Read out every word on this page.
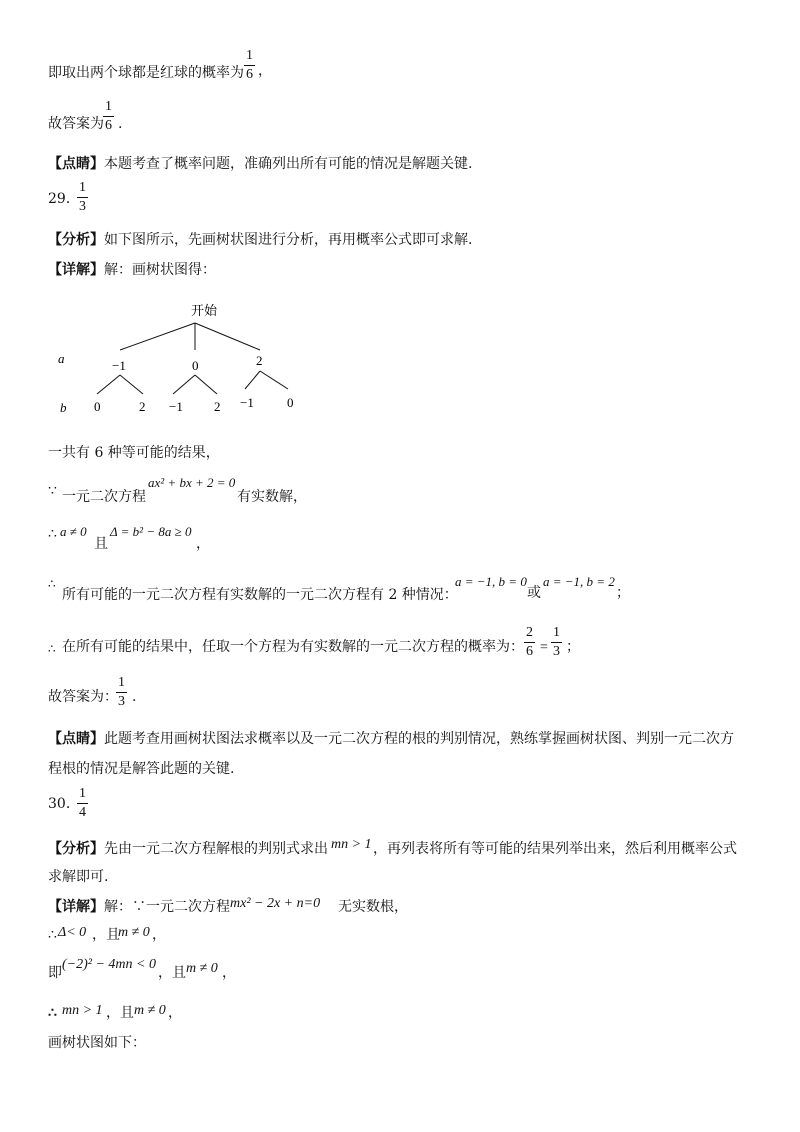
即取出两个球都是红球的概率为
1
6 ，
故答案为
1
6 .
【点睛】本题考查了概率问题，准确列出所有可能的情况是解题关键.
29．
1
3
【分析】如下图所示，先画树状图进行分析，再用概率公式即可求解.
【详解】解：画树状图得：
开始
a	−1	0	2
b 0	2 −1 2 −1	0
一共有 6 种等可能的结果，
∵ 一元二次方程
ax² + bx + 2 = 0
有实数解，
∴ a ≠ 0
且
Δ = b² − 8a ≥ 0
，
∴
所有可能的一元二次方程有实数解的一元二次方程有 2 种情况：
a = −1, b = 0
或
a = −1, b = 2
；
∴ 在所有可能的结果中，任取一个方程为有实数解的一元二次方程的概率为：
2
6 =
1
3 ；
故答案为：
1
3 .
【点睛】此题考查用画树状图法求概率以及一元二次方程的根的判别情况，熟练掌握画树状图、判别一元二次方
程根的情况是解答此题的关键.
30．
1
4
【分析】先由一元二次方程解根的判别式求出 mn > 1 ，再列表将所有等可能的结果列举出来，然后利用概率公式
求解即可.
【详解】解：∵一元二次方程 mx² − 2x + n=0 无实数根，
∴ Δ< 0 ，且
m ≠ 0 ，
即
(−2)² − 4mn < 0
，且 m ≠ 0 ，
∴ mn > 1 ，且 m ≠ 0 ，
画树状图如下：
